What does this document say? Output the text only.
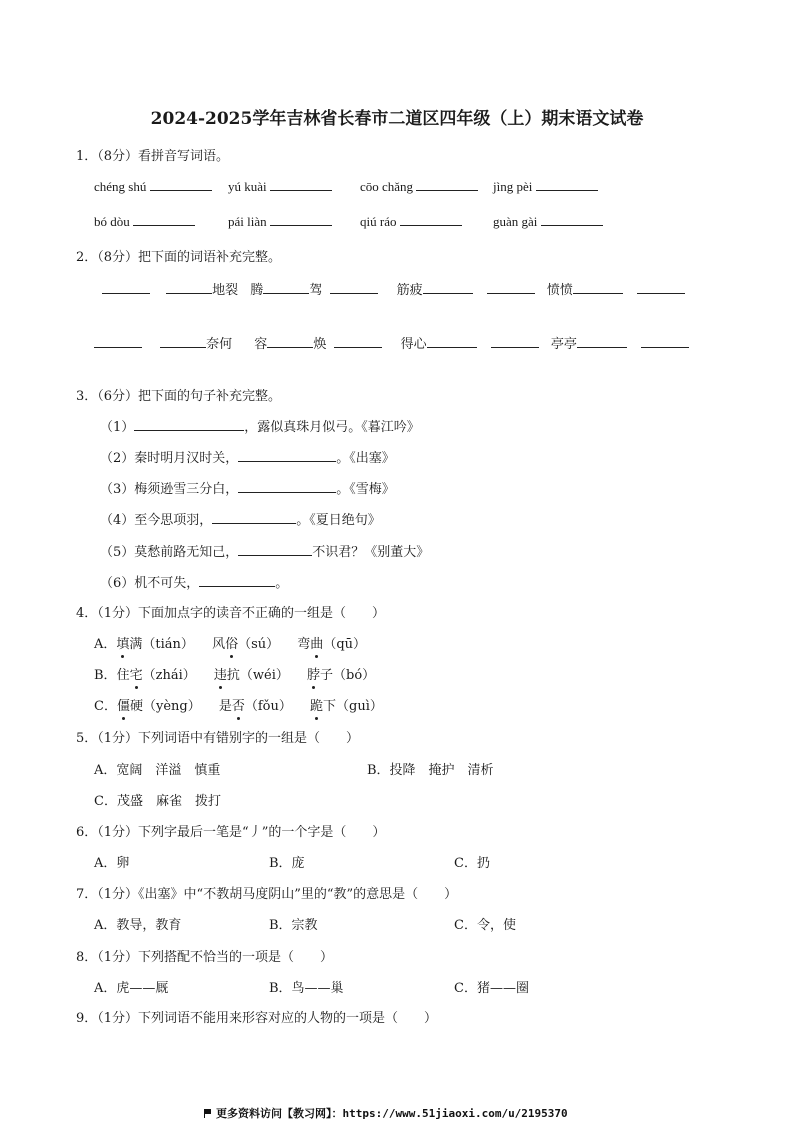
2024-2025学年吉林省长春市二道区四年级（上）期末语文试卷
1．（8分）看拼音写词语。
chéng shú	yú kuài	cōo chǎng	jìng pèi
bó dòu	pái liàn	qiú ráo	guàn gài
2．（8分）把下面的词语补充完整。
地裂 腾	驾	筋疲	愤愤
奈何 容	焕	得心	亭亭
3．（6分）把下面的句子补充完整。
（1）	，露似真珠月似弓。《暮江吟》
（2）秦时明月汉时关，	。《出塞》
（3）梅须逊雪三分白，	。《雪梅》
（4）至今思项羽，	。《夏日绝句》
（5）莫愁前路无知己，	不识君？《别董大》
（6）机不可失，	。
4．（1分）下面加点字的读音不正确的一组是（　　）
A．填满（tián） 风俗（sú） 弯曲（qū）
B．住宅（zhái） 违抗（wéi） 脖子（bó）
C．僵硬（yèng） 是否（fǒu） 跪下（guì）
5．（1分）下列词语中有错别字的一组是（　　）
A．宽阔　洋溢　慎重	B．投降　掩护　清析
C．茂盛　麻雀　拨打
6．（1分）下列字最后一笔是“丿”的一个字是（　　）
A．卵	B．庞	C．扔
7．（1分）《出塞》中“不教胡马度阴山”里的“教”的意思是（　　）
A．教导，教育	B．宗教	C．令，使
8．（1分）下列搭配不恰当的一项是（　　）
A．虎——厩	B．鸟——巢	C．猪——圈
9．（1分）下列词语不能用来形容对应的人物的一项是（　　）
更多资料访问【教习网】：https://www.51jiaoxi.com/u/2195370
